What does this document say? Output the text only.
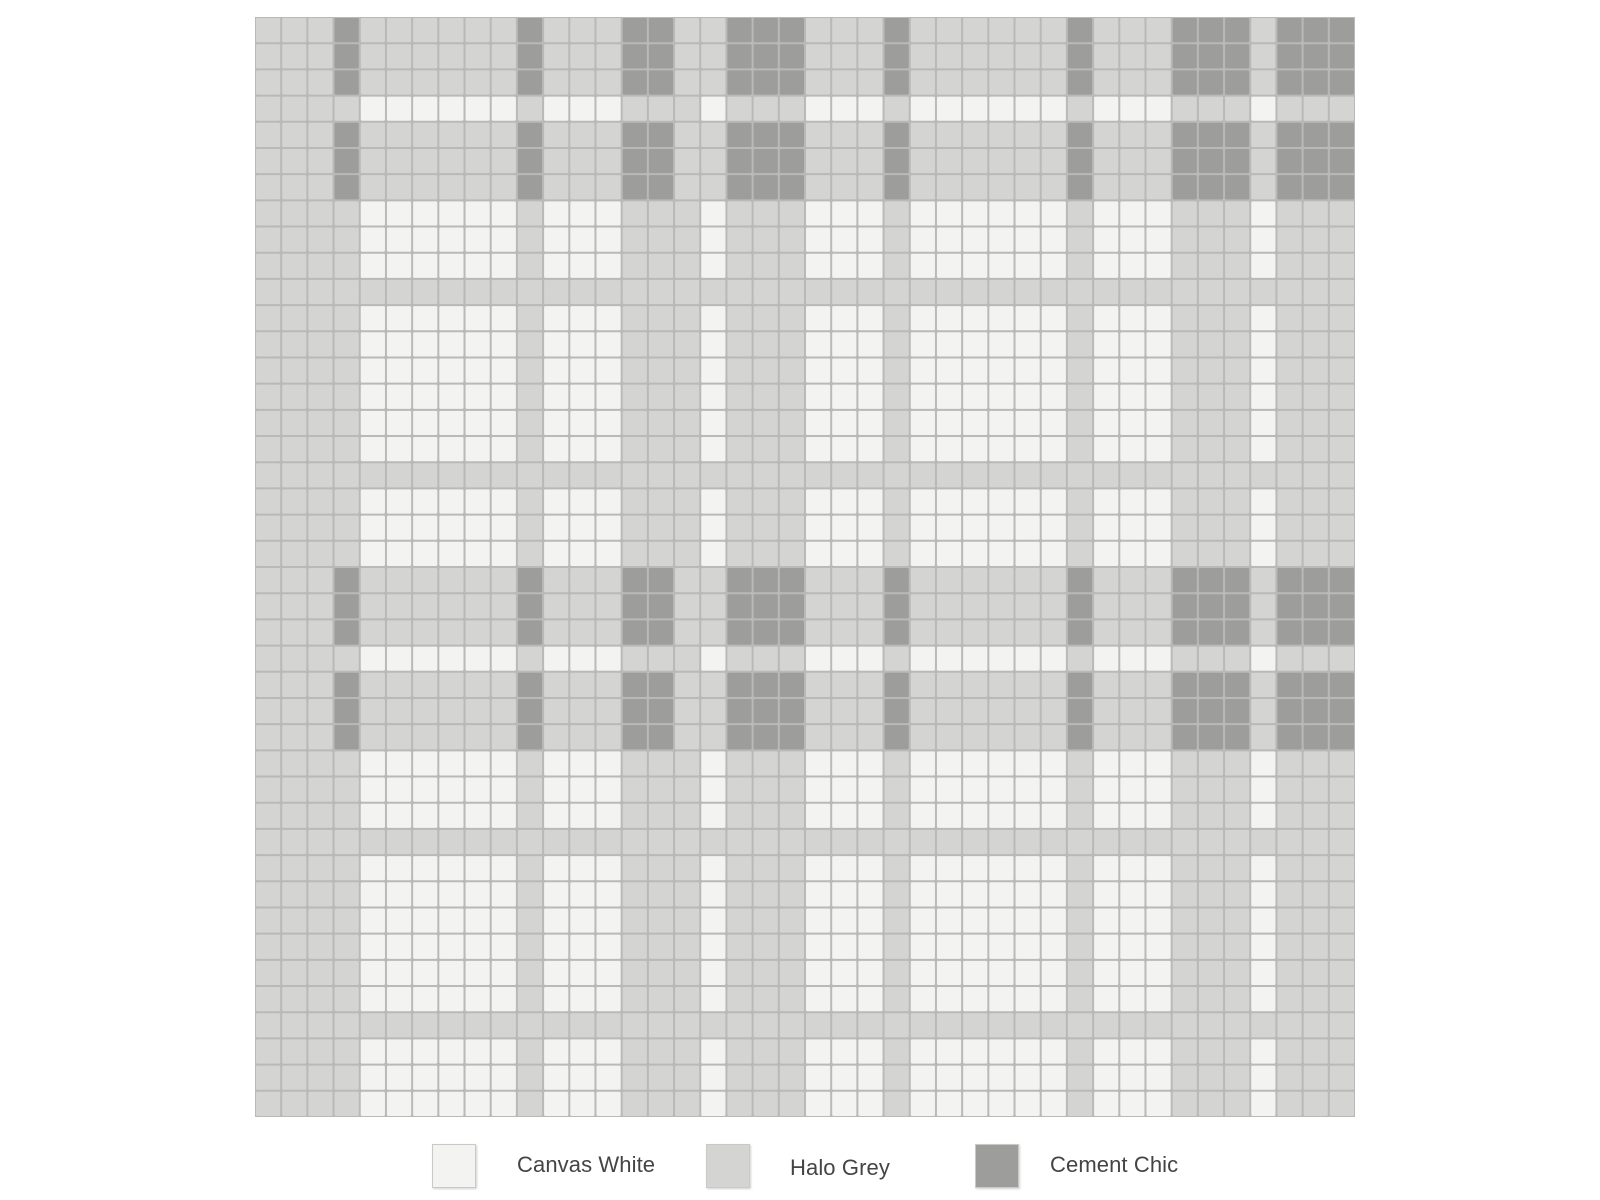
Canvas White	Halo Grey	Cement Chic
